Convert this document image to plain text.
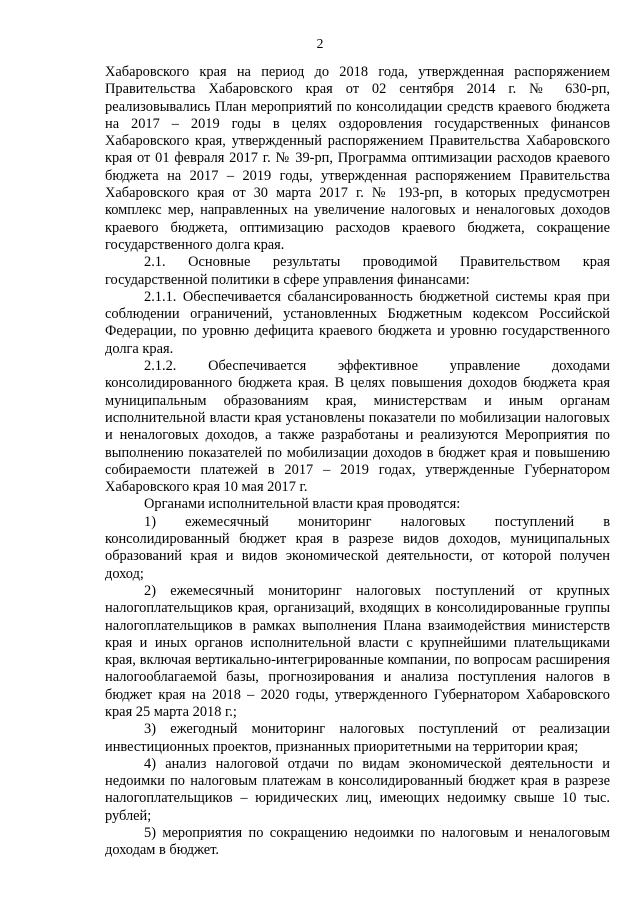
2

Хабаровского края на период до 2018 года, утвержденная распоряжением Правительства Хабаровского края от 02 сентября 2014 г. № 630-рп, реализовывались План мероприятий по консолидации средств краевого бюджета на 2017 – 2019 годы в целях оздоровления государственных финансов Хабаровского края, утвержденный распоряжением Правительства Хабаровского края от 01 февраля 2017 г. № 39-рп, Программа оптимизации расходов краевого бюджета на 2017 – 2019 годы, утвержденная распоряжением Правительства Хабаровского края от 30 марта 2017 г. № 193-рп, в которых предусмотрен комплекс мер, направленных на увеличение налоговых и неналоговых доходов краевого бюджета, оптимизацию расходов краевого бюджета, сокращение государственного долга края.

2.1. Основные результаты проводимой Правительством края государственной политики в сфере управления финансами:

2.1.1. Обеспечивается сбалансированность бюджетной системы края при соблюдении ограничений, установленных Бюджетным кодексом Российской Федерации, по уровню дефицита краевого бюджета и уровню государственного долга края.

2.1.2. Обеспечивается эффективное управление доходами консолидированного бюджета края. В целях повышения доходов бюджета края муниципальным образованиям края, министерствам и иным органам исполнительной власти края установлены показатели по мобилизации налоговых и неналоговых доходов, а также разработаны и реализуются Мероприятия по выполнению показателей по мобилизации доходов в бюджет края и повышению собираемости платежей в 2017 – 2019 годах, утвержденные Губернатором Хабаровского края 10 мая 2017 г.

Органами исполнительной власти края проводятся:

1) ежемесячный мониторинг налоговых поступлений в консолидированный бюджет края в разрезе видов доходов, муниципальных образований края и видов экономической деятельности, от которой получен доход;

2) ежемесячный мониторинг налоговых поступлений от крупных налогоплательщиков края, организаций, входящих в консолидированные группы налогоплательщиков в рамках выполнения Плана взаимодействия министерств края и иных органов исполнительной власти с крупнейшими плательщиками края, включая вертикально-интегрированные компании, по вопросам расширения налогооблагаемой базы, прогнозирования и анализа поступления налогов в бюджет края на 2018 – 2020 годы, утвержденного Губернатором Хабаровского края 25 марта 2018 г.;

3) ежегодный мониторинг налоговых поступлений от реализации инвестиционных проектов, признанных приоритетными на территории края;

4) анализ налоговой отдачи по видам экономической деятельности и недоимки по налоговым платежам в консолидированный бюджет края в разрезе налогоплательщиков – юридических лиц, имеющих недоимку свыше 10 тыс. рублей;

5) мероприятия по сокращению недоимки по налоговым и неналоговым доходам в бюджет.
